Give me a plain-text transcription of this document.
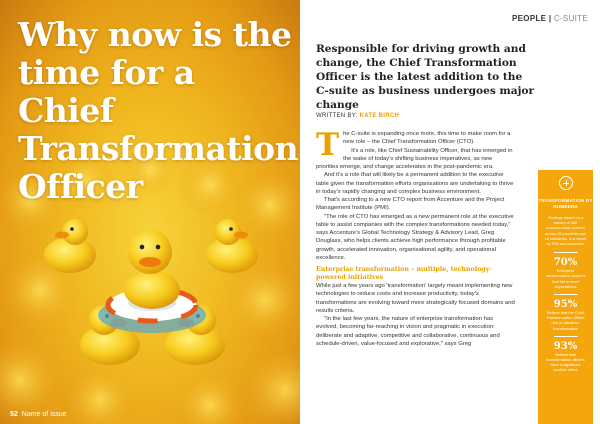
Why now is the time for a Chief Transformation Officer
52 Name of issue
PEOPLE | C-SUITE
Responsible for driving growth and change, the Chief Transformation Officer is the latest addition to the C-suite as business undergoes major change
WRITTEN BY: KATE BIRCH
T he C-suite is expanding once more, this time to make room for a new role – the Chief Transformation Officer (CTO).

It's a role, like Chief Sustainability Officer, that has emerged in the wake of today's shifting business imperatives, as new priorities emerge, and change accelerates in the post-pandemic era.

And it's a role that will likely be a permanent addition to the executive table given the transformation efforts organisations are undertaking to thrive in today's rapidly changing and complex business environment.

That's according to a new CTO report from Accenture and the Project Management Institute (PMI).

"The role of CTO has emerged as a new permanent role at the executive table to assist companies with the complex transformations needed today," says Accenture's Global Technology Strategy & Advisory Lead, Greg Douglass, who helps clients achieve high performance through profitable growth, accelerated innovation, organisational agility, and operational excellence.

Enterprise transformation – multiple, technology-powered initiatives

While just a few years ago 'transformation' largely meant implementing new technologies to reduce costs and increase productivity, today's transformations are evolving toward more strategically focused domains and results criteria.

"In the last few years, the nature of enterprise transformation has evolved, becoming far-reaching in vision and pragmatic in execution: deliberate and adaptive, competitive and collaborative, continuous and schedule-driven, value-focused and explorative," says Greg

TRANSFORMATION BY NUMBERS
Findings based on a survey of 350 transformation leaders across 25 countries and 18 industries, in a report by PMI and Accenture
70%
Enterprise transformation projects that fail to meet expectations
95%
Believe that the Chief Transformation Officer role is critical for transformation
93%
Believe that transformation officers have a significant positive effect
